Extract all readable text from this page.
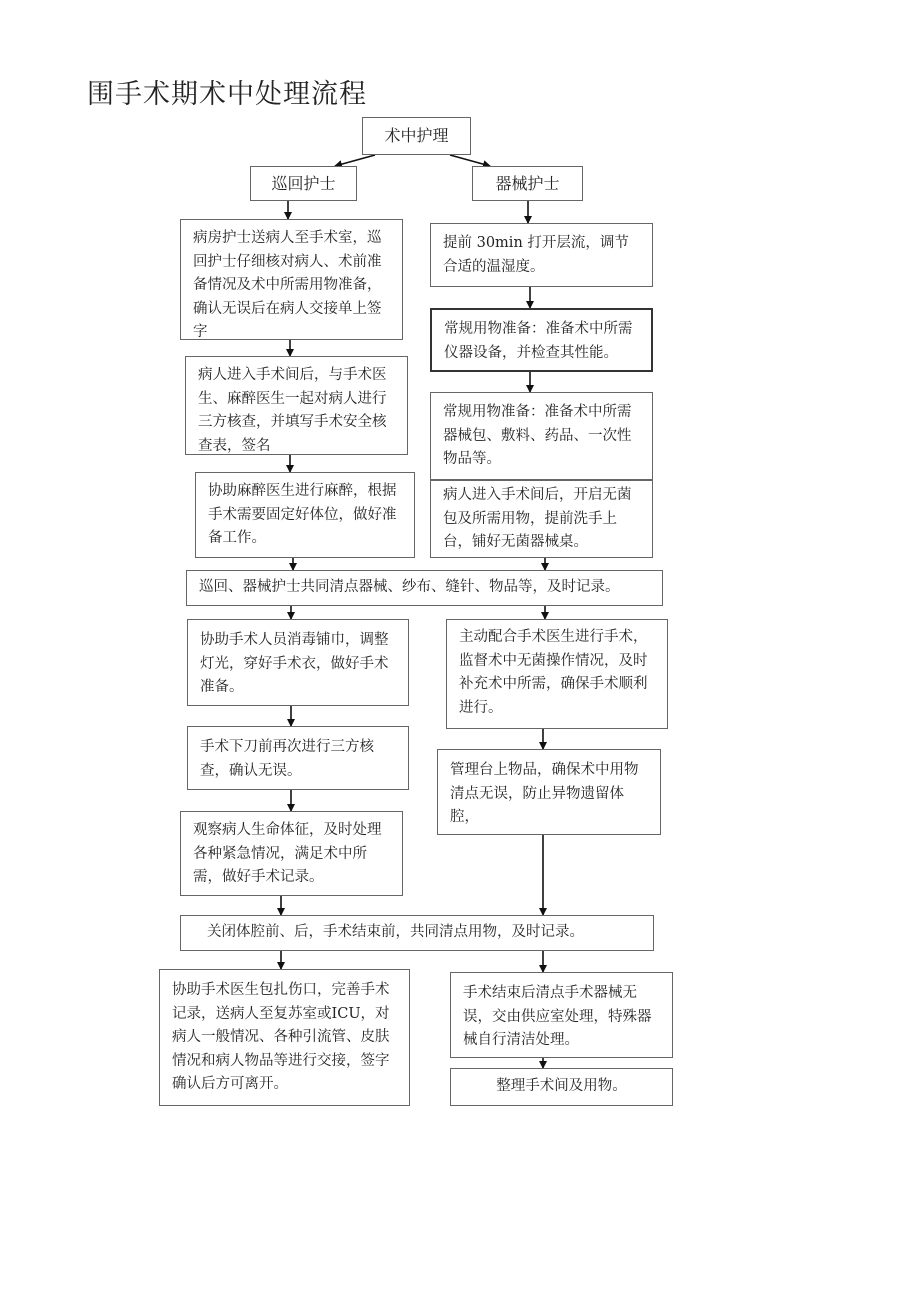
围手术期术中处理流程
术中护理
巡回护士	器械护士
病房护士送病人至手术室，巡回护士仔细核对病人、术前准备情况及术中所需用物准备，确认无误后在病人交接单上签字
病人进入手术间后，与手术医生、麻醉医生一起对病人进行三方核查，并填写手术安全核查表，签名
协助麻醉医生进行麻醉，根据手术需要固定好体位，做好准备工作。
提前 30min 打开层流，调节合适的温湿度。
常规用物准备：准备术中所需仪器设备，并检查其性能。
常规用物准备：准备术中所需器械包、敷料、药品、一次性物品等。
病人进入手术间后，开启无菌包及所需用物，提前洗手上台，铺好无菌器械桌。
巡回、器械护士共同清点器械、纱布、缝针、物品等，及时记录。
协助手术人员消毒铺巾，调整灯光，穿好手术衣，做好手术准备。
手术下刀前再次进行三方核查，确认无误。
观察病人生命体征，及时处理各种紧急情况，满足术中所需，做好手术记录。
主动配合手术医生进行手术，监督术中无菌操作情况，及时补充术中所需，确保手术顺利进行。
管理台上物品，确保术中用物清点无误，防止异物遗留体腔，
关闭体腔前、后，手术结束前，共同清点用物，及时记录。
协助手术医生包扎伤口，完善手术记录，送病人至复苏室或ICU，对病人一般情况、各种引流管、皮肤情况和病人物品等进行交接，签字确认后方可离开。
手术结束后清点手术器械无误，交由供应室处理，特殊器械自行清洁处理。
整理手术间及用物。
